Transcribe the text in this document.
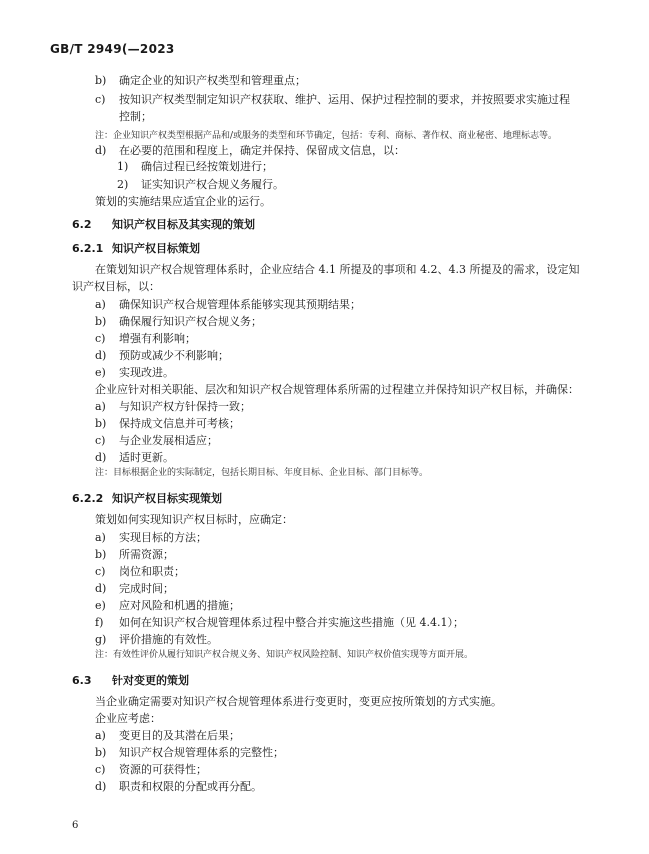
GB/T 2949(—2023
b) 确定企业的知识产权类型和管理重点；
c) 按知识产权类型制定知识产权获取、维护、运用、保护过程控制的要求，并按照要求实施过程
控制；
注：企业知识产权类型根据产品和/或服务的类型和环节确定，包括：专利、商标、著作权、商业秘密、地理标志等。
d) 在必要的范围和程度上，确定并保持、保留成文信息，以：
1) 确信过程已经按策划进行；
2) 证实知识产权合规义务履行。
策划的实施结果应适宜企业的运行。
6.2 知识产权目标及其实现的策划
6.2.1 知识产权目标策划
在策划知识产权合规管理体系时，企业应结合 4.1 所提及的事项和 4.2、4.3 所提及的需求，设定知
识产权目标，以：
a) 确保知识产权合规管理体系能够实现其预期结果；
b) 确保履行知识产权合规义务；
c) 增强有利影响；
d) 预防或减少不利影响；
e) 实现改进。
企业应针对相关职能、层次和知识产权合规管理体系所需的过程建立并保持知识产权目标，并确保：
a) 与知识产权方针保持一致；
b) 保持成文信息并可考核；
c) 与企业发展相适应；
d) 适时更新。
注：目标根据企业的实际制定，包括长期目标、年度目标、企业目标、部门目标等。
6.2.2 知识产权目标实现策划
策划如何实现知识产权目标时，应确定：
a) 实现目标的方法；
b) 所需资源；
c) 岗位和职责；
d) 完成时间；
e) 应对风险和机遇的措施；
f) 如何在知识产权合规管理体系过程中整合并实施这些措施（见 4.4.1）；
g) 评价措施的有效性。
注：有效性评价从履行知识产权合规义务、知识产权风险控制、知识产权价值实现等方面开展。
6.3 针对变更的策划
当企业确定需要对知识产权合规管理体系进行变更时，变更应按所策划的方式实施。
企业应考虑：
a) 变更目的及其潜在后果；
b) 知识产权合规管理体系的完整性；
c) 资源的可获得性；
d) 职责和权限的分配或再分配。
6
